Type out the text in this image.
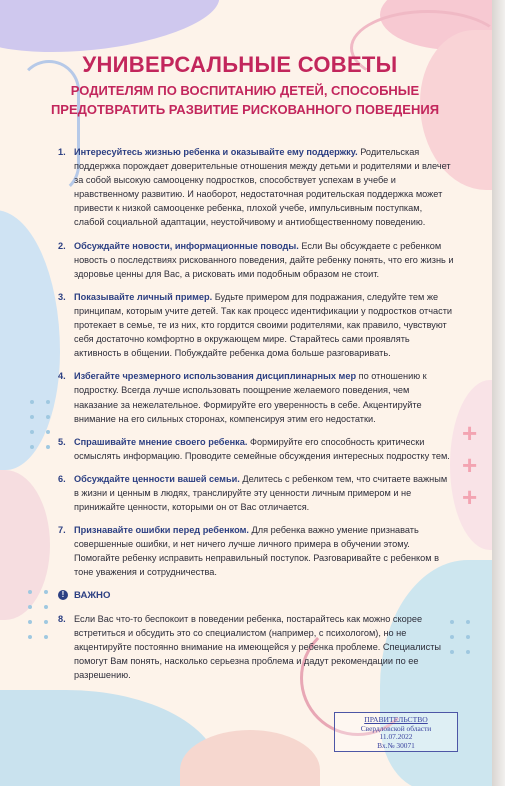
+
+
+
УНИВЕРСАЛЬНЫЕ СОВЕТЫ
РОДИТЕЛЯМ ПО ВОСПИТАНИЮ ДЕТЕЙ, СПОСОБНЫЕ
ПРЕДОТВРАТИТЬ РАЗВИТИЕ РИСКОВАННОГО ПОВЕДЕНИЯ
1. Интересуйтесь жизнью ребенка и оказывайте ему поддержку. Родительская поддержка порождает доверительные отношения между детьми и родителями и влечет за собой высокую самооценку подростков, способствует успехам в учебе и нравственному развитию. И наоборот, недостаточная родительская поддержка может привести к низкой самооценке ребенка, плохой учебе, импульсивным поступкам, слабой социальной адаптации, неустойчивому и антиобщественному поведению.
2. Обсуждайте новости, информационные поводы. Если Вы обсуждаете с ребенком новость о последствиях рискованного поведения, дайте ребенку понять, что его жизнь и здоровье ценны для Вас, а рисковать ими подобным образом не стоит.
3. Показывайте личный пример. Будьте примером для подражания, следуйте тем же принципам, которым учите детей. Так как процесс идентификации у подростков отчасти протекает в семье, те из них, кто гордится своими родителями, как правило, чувствуют себя достаточно комфортно в окружающем мире. Старайтесь сами проявлять активность в общении. Побуждайте ребенка дома больше разговаривать.
4. Избегайте чрезмерного использования дисциплинарных мер по отношению к подростку. Всегда лучше использовать поощрение желаемого поведения, чем наказание за нежелательное. Формируйте его уверенность в себе. Акцентируйте внимание на его сильных сторонах, компенсируя этим его недостатки.
5. Спрашивайте мнение своего ребенка. Формируйте его способность критически осмыслять информацию. Проводите семейные обсуждения интересных подростку тем.
6. Обсуждайте ценности вашей семьи. Делитесь с ребенком тем, что считаете важным в жизни и ценным в людях, транслируйте эту ценности личным примером и не принижайте ценности, которыми он от Вас отличается.
7. Признавайте ошибки перед ребенком. Для ребенка важно умение признавать совершенные ошибки, и нет ничего лучше личного примера в обучении этому. Помогайте ребенку исправить неправильный поступок. Разговаривайте с ребенком в тоне уважения и сотрудничества.
!	ВАЖНО
8. Если Вас что-то беспокоит в поведении ребенка, постарайтесь как можно скорее встретиться и обсудить это со специалистом (например, с психологом), но не акцентируйте постоянно внимание на имеющейся у ребенка проблеме. Специалисты помогут Вам понять, насколько серьезна проблема и дадут рекомендации по ее разрешению.
ПРАВИТЕЛЬСТВО
Свердловской области
11.07.2022
Вх.№ 30071
